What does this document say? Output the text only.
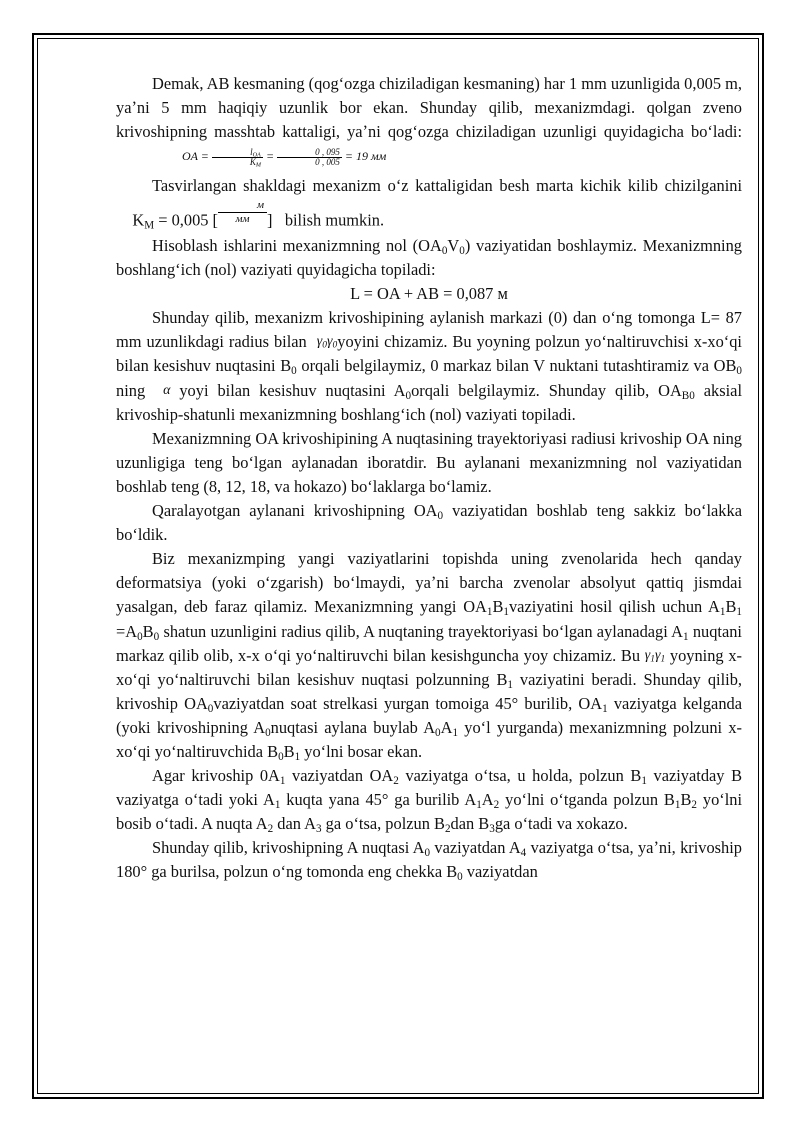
Demak, AB kesmaning (qogʻozga chiziladigan kesmaning) har 1 mm uzunligida 0,005 m, yaʼni 5 mm haqiqiy uzunlik bor ekan. Shunday qilib, mexanizmdagi. qolgan zveno krivoshipning masshtab kattaligi, yaʼni qogʻozga chiziladigan uzunligi quyidagicha boʻladi:OA = $\frac{l_{OA}}{K_M} = \frac{0 , 095}{0 , 005} = 19$ мм

Tasvirlangan shakldagi mexanizm oʻz kattaligidan besh marta kichik kilib chizilganini     $K_M = 0,005$ [ $\frac{м}{мм}$] bilish mumkin.

Hisoblash ishlarini mexanizmning nol $(OA_0V_0)$ vaziyatidan boshlaymiz. Mexanizmning boshlangʻich (nol) vaziyati quyidagicha topiladi:

L = OA + AB = 0,087 м

Shunday qilib, mexanizm krivoshipining aylanish markazi (0) dan oʻng tomonga L= 87 mm uzunlikdagi radius bilan $\gamma_0\gamma_0yoyini$ chizamiz. Bu yoyning polzun yoʻnaltiruvchisi x-xoʻqi bilan kesishuv nuqtasini $B_0$ orqali belgilaymiz, 0 markaz bilan V nuktani tutashtiramiz va $OB_0$ ning α yoyi bilan kesishuv nuqtasini $A_0orqali$ belgilaymiz. Shunday qilib, $OA_{B0}$ aksial krivoship-shatunli mexanizmning boshlangʻich (nol) vaziyati topiladi.

Mexanizmning OA krivoshipining A nuqtasining trayektoriyasi radiusi krivoship OA ning uzunligiga teng boʻlgan aylanadan iboratdir. Bu aylanani mexanizmning nol vaziyatidan boshlab teng (8, 12, 18, va hokazo) boʻlaklarga boʻlamiz.

Qaralayotgan aylanani krivoshipning $OA_0$ vaziyatidan boshlab teng sakkiz boʻlakka boʻldik.

Biz mexanizmping yangi vaziyatlarini topishda uning zvenolarida hech qanday deformatsiya (yoki oʻzgarish) boʻlmaydi, yaʼni barcha zvenolar absolyut qattiq jismdai yasalgan, deb faraz qilamiz. Mexanizmning yangi $OA_1B_1vaziyatini$ hosil qilish uchun $A_1B_1 =A_0B_0$ shatun uzunligini radius qilib, A nuqtaning trayektoriyasi boʻlgan aylanadagi $A_1$ nuqtani markaz qilib olib, x-x oʻqi yoʻnaltiruvchi bilan kesishguncha yoy chizamiz. Bu $\gamma_1\gamma_1$ yoyning x-xoʻqi yoʻnaltiruvchi bilan kesishuv nuqtasi polzunning $B_1$ vaziyatini beradi. Shunday qilib, krivoship $OA_0vaziyatdan$ soat strelkasi yurgan tomoiga 45° burilib, $OA_1$ vaziyatga kelganda (yoki krivoshipning $A_0nuqtasi$ aylana buylab $A_0A_1$ yoʻl yurganda) mexanizmning polzuni x-xoʻqi yoʻnaltiruvchida $B_0B_1$ yoʻlni bosar ekan.

Agar krivoship $0A_1$ vaziyatdan $OA_2$ vaziyatga oʻtsa, u holda, polzun $B_1$ vaziyatday B vaziyatga oʻtadi yoki $A_1$ kuqta yana 45° ga burilib $A_1A_2$ yoʻlni oʻtganda polzun $B_1B_2$ yoʻlni bosib oʻtadi. A nuqta $A_2$ dan $A_3$ ga oʻtsa, polzun $B_2dan$ $B_3ga$ oʻtadi va xokazo.

Shunday qilib, krivoshipning A nuqtasi $A_0$ vaziyatdan $A_4$ vaziyatga oʻtsa, yaʼni, krivoship 180° ga burilsa, polzun oʻng tomonda eng chekka $B_0$ vaziyatdan
